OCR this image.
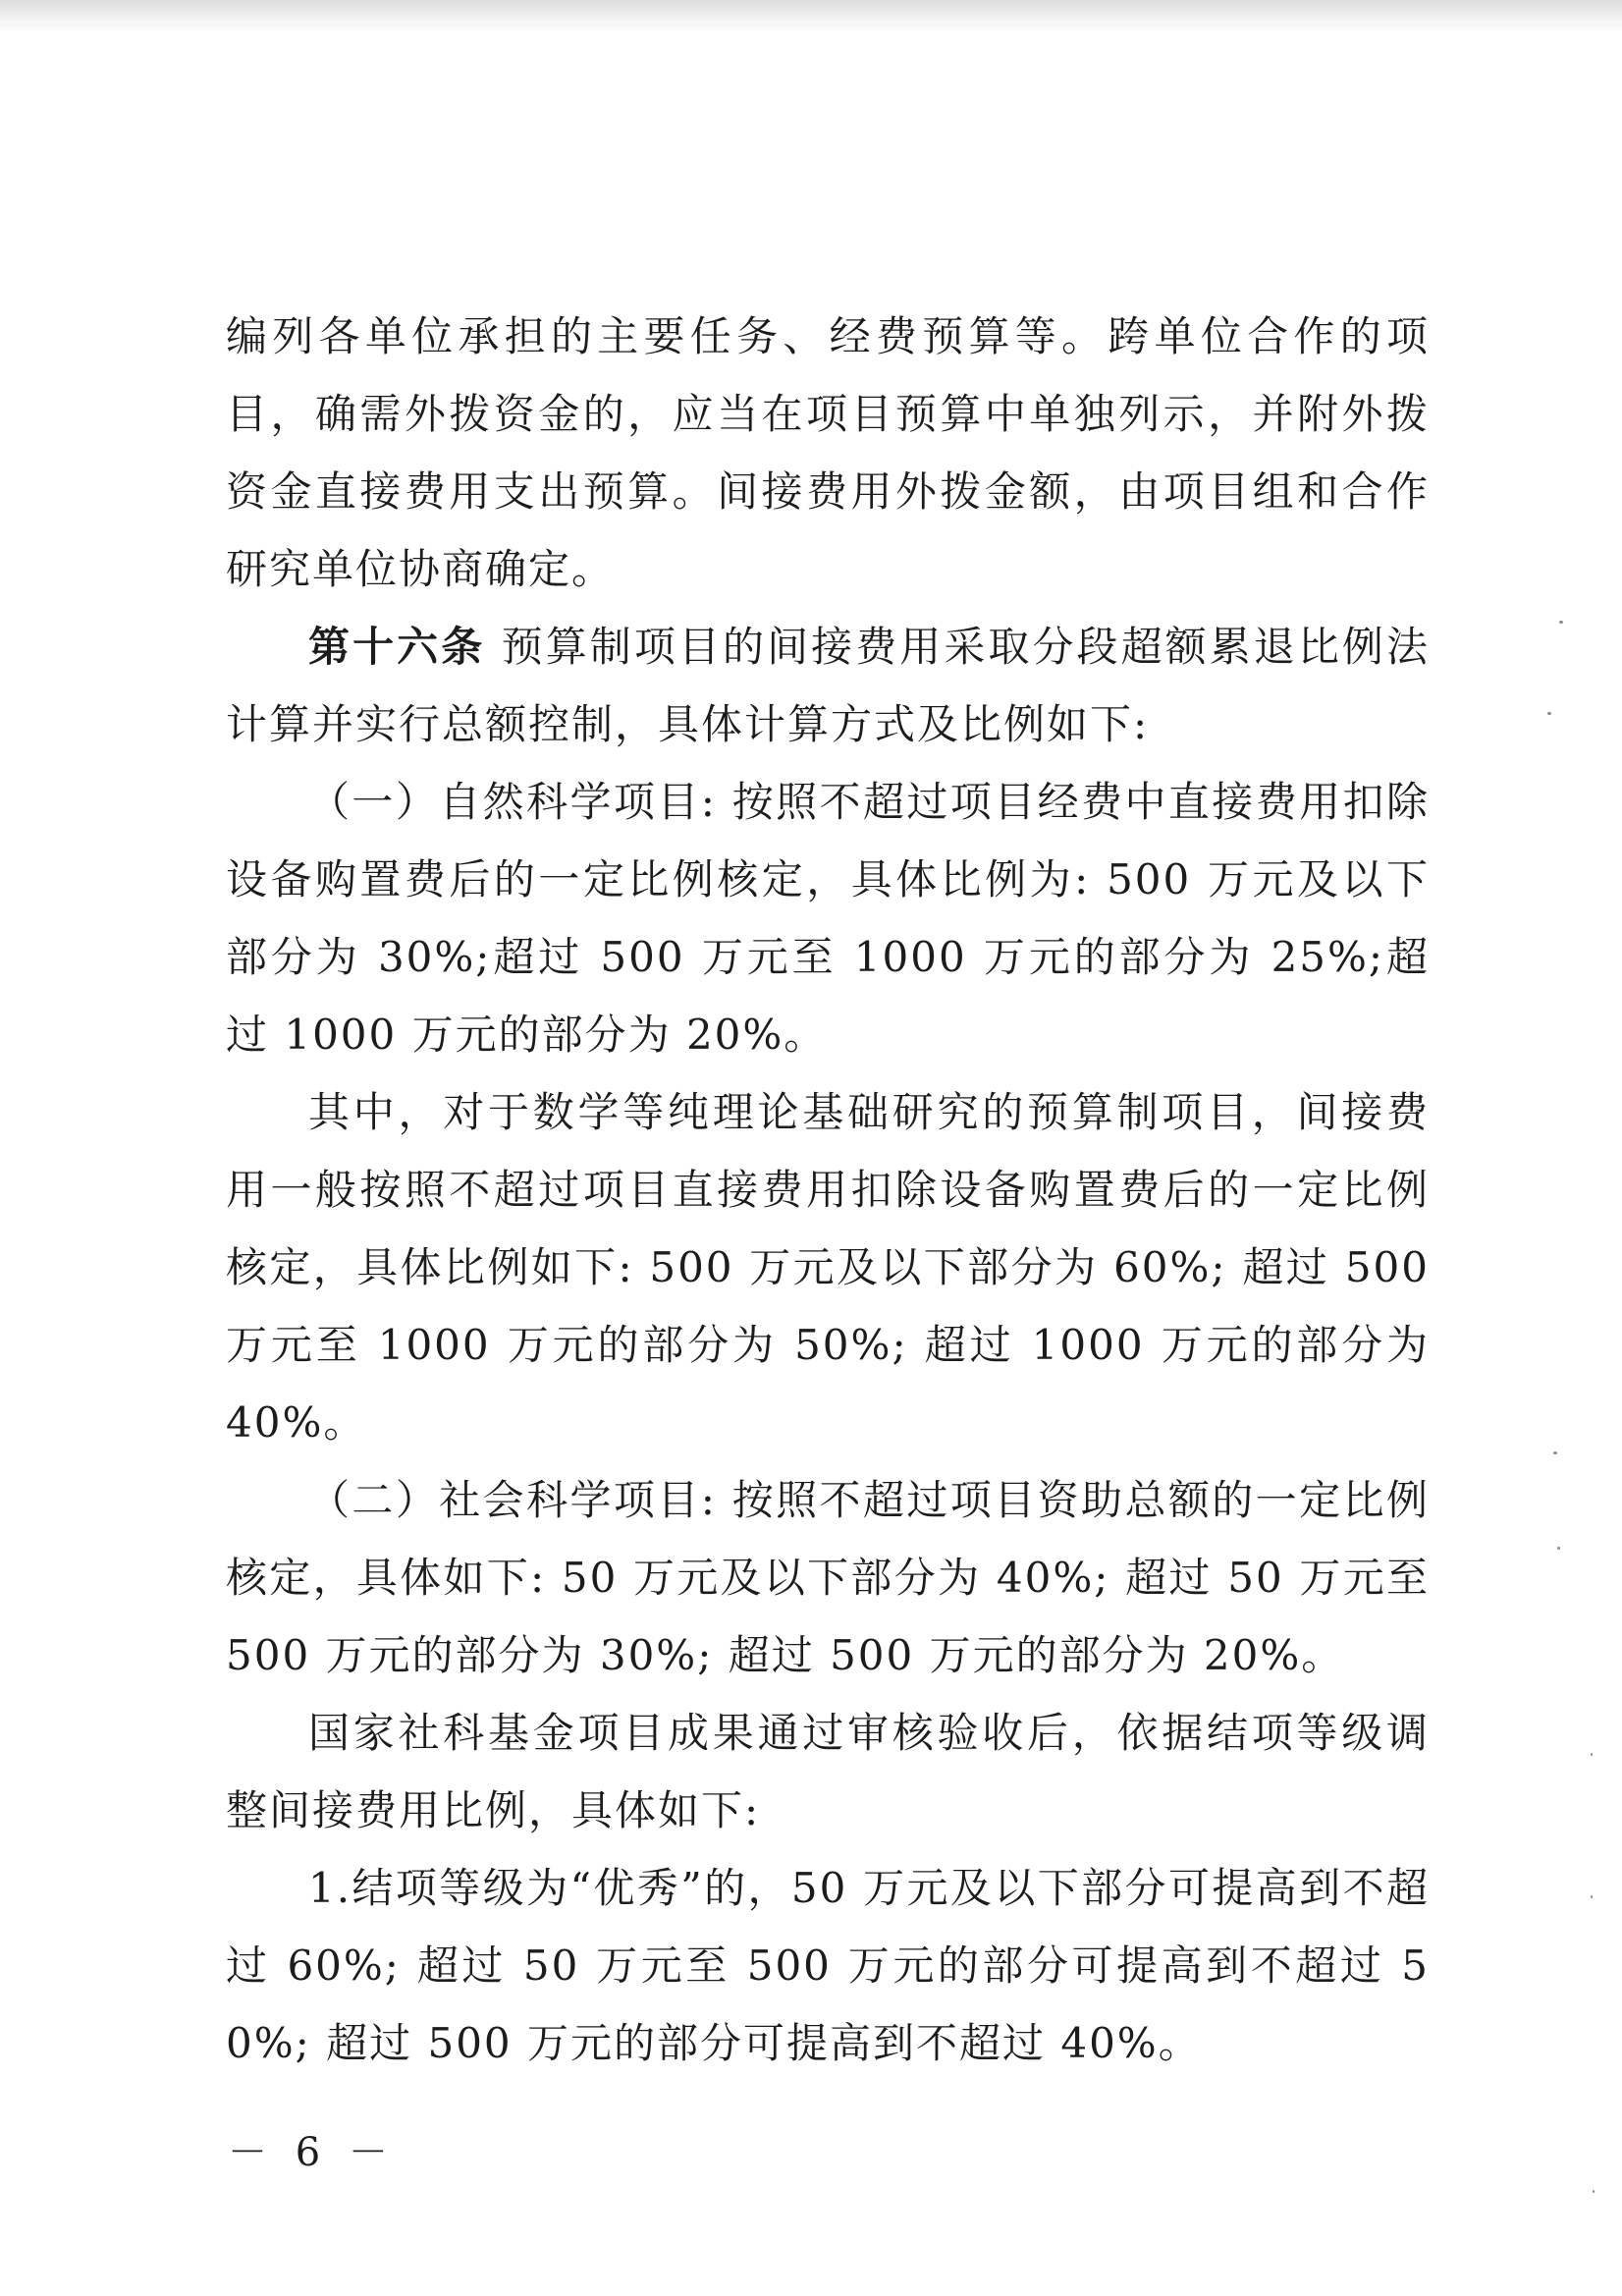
编列各单位承担的主要任务、经费预算等。跨单位合作的项目，确需外拨资金的，应当在项目预算中单独列示，并附外拨资金直接费用支出预算。间接费用外拨金额，由项目组和合作研究单位协商确定。

第十六条 预算制项目的间接费用采取分段超额累退比例法计算并实行总额控制，具体计算方式及比例如下:

（一）自然科学项目: 按照不超过项目经费中直接费用扣除设备购置费后的一定比例核定，具体比例为: 500 万元及以下部分为 30%;超过 500 万元至 1000 万元的部分为 25%;超过 1000 万元的部分为 20%。

其中，对于数学等纯理论基础研究的预算制项目，间接费用一般按照不超过项目直接费用扣除设备购置费后的一定比例核定，具体比例如下: 500 万元及以下部分为 60%; 超过 500 万元至 1000 万元的部分为 50%; 超过 1000 万元的部分为 40%。

（二）社会科学项目: 按照不超过项目资助总额的一定比例核定，具体如下: 50 万元及以下部分为 40%; 超过 50 万元至 500 万元的部分为 30%; 超过 500 万元的部分为 20%。

国家社科基金项目成果通过审核验收后，依据结项等级调整间接费用比例，具体如下:

1.结项等级为“优秀”的，50 万元及以下部分可提高到不超过 60%; 超过 50 万元至 500 万元的部分可提高到不超过 50%; 超过 500 万元的部分可提高到不超过 40%。

－ 6 －
